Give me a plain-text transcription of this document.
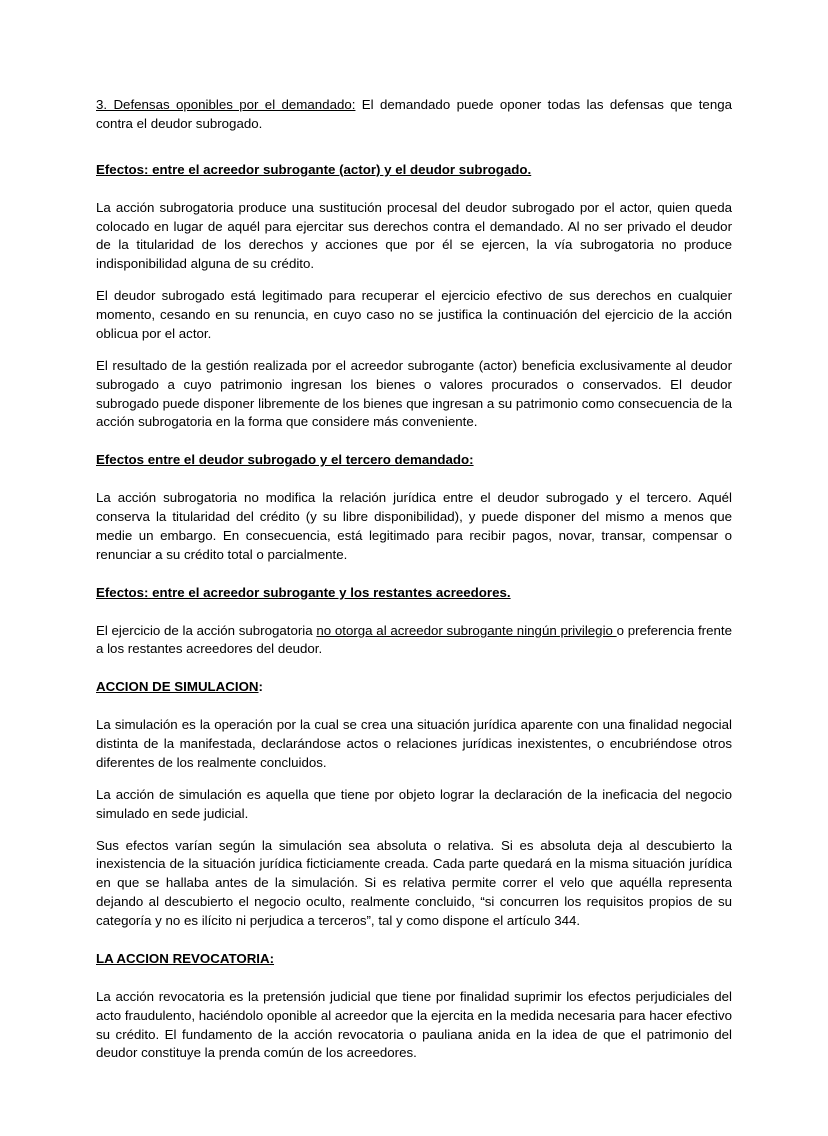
3. Defensas oponibles por el demandado: El demandado puede oponer todas las defensas que tenga contra el deudor subrogado.

Efectos: entre el acreedor subrogante (actor) y el deudor subrogado.

La acción subrogatoria produce una sustitución procesal del deudor subrogado por el actor, quien queda colocado en lugar de aquél para ejercitar sus derechos contra el demandado. Al no ser privado el deudor de la titularidad de los derechos y acciones que por él se ejercen, la vía subrogatoria no produce indisponibilidad alguna de su crédito.

El deudor subrogado está legitimado para recuperar el ejercicio efectivo de sus derechos en cualquier momento, cesando en su renuncia, en cuyo caso no se justifica la continuación del ejercicio de la acción oblicua por el actor.

El resultado de la gestión realizada por el acreedor subrogante (actor) beneficia exclusivamente al deudor subrogado a cuyo patrimonio ingresan los bienes o valores procurados o conservados. El deudor subrogado puede disponer libremente de los bienes que ingresan a su patrimonio como consecuencia de la acción subrogatoria en la forma que considere más conveniente.

Efectos entre el deudor subrogado y el tercero demandado:

La acción subrogatoria no modifica la relación jurídica entre el deudor subrogado y el tercero. Aquél conserva la titularidad del crédito (y su libre disponibilidad), y puede disponer del mismo a menos que medie un embargo. En consecuencia, está legitimado para recibir pagos, novar, transar, compensar o renunciar a su crédito total o parcialmente.

Efectos: entre el acreedor subrogante y los restantes acreedores.

El ejercicio de la acción subrogatoria no otorga al acreedor subrogante ningún privilegio o preferencia frente a los restantes acreedores del deudor.

ACCION DE SIMULACION:

La simulación es la operación por la cual se crea una situación jurídica aparente con una finalidad negocial distinta de la manifestada, declarándose actos o relaciones jurídicas inexistentes, o encubriéndose otros diferentes de los realmente concluidos.

La acción de simulación es aquella que tiene por objeto lograr la declaración de la ineficacia del negocio simulado en sede judicial.

Sus efectos varían según la simulación sea absoluta o relativa. Si es absoluta deja al descubierto la inexistencia de la situación jurídica ficticiamente creada. Cada parte quedará en la misma situación jurídica en que se hallaba antes de la simulación. Si es relativa permite correr el velo que aquélla representa dejando al descubierto el negocio oculto, realmente concluido, “si concurren los requisitos propios de su categoría y no es ilícito ni perjudica a terceros”, tal y como dispone el artículo 344.

LA ACCION REVOCATORIA:

La acción revocatoria es la pretensión judicial que tiene por finalidad suprimir los efectos perjudiciales del acto fraudulento, haciéndolo oponible al acreedor que la ejercita en la medida necesaria para hacer efectivo su crédito. El fundamento de la acción revocatoria o pauliana anida en la idea de que el patrimonio del deudor constituye la prenda común de los acreedores.
